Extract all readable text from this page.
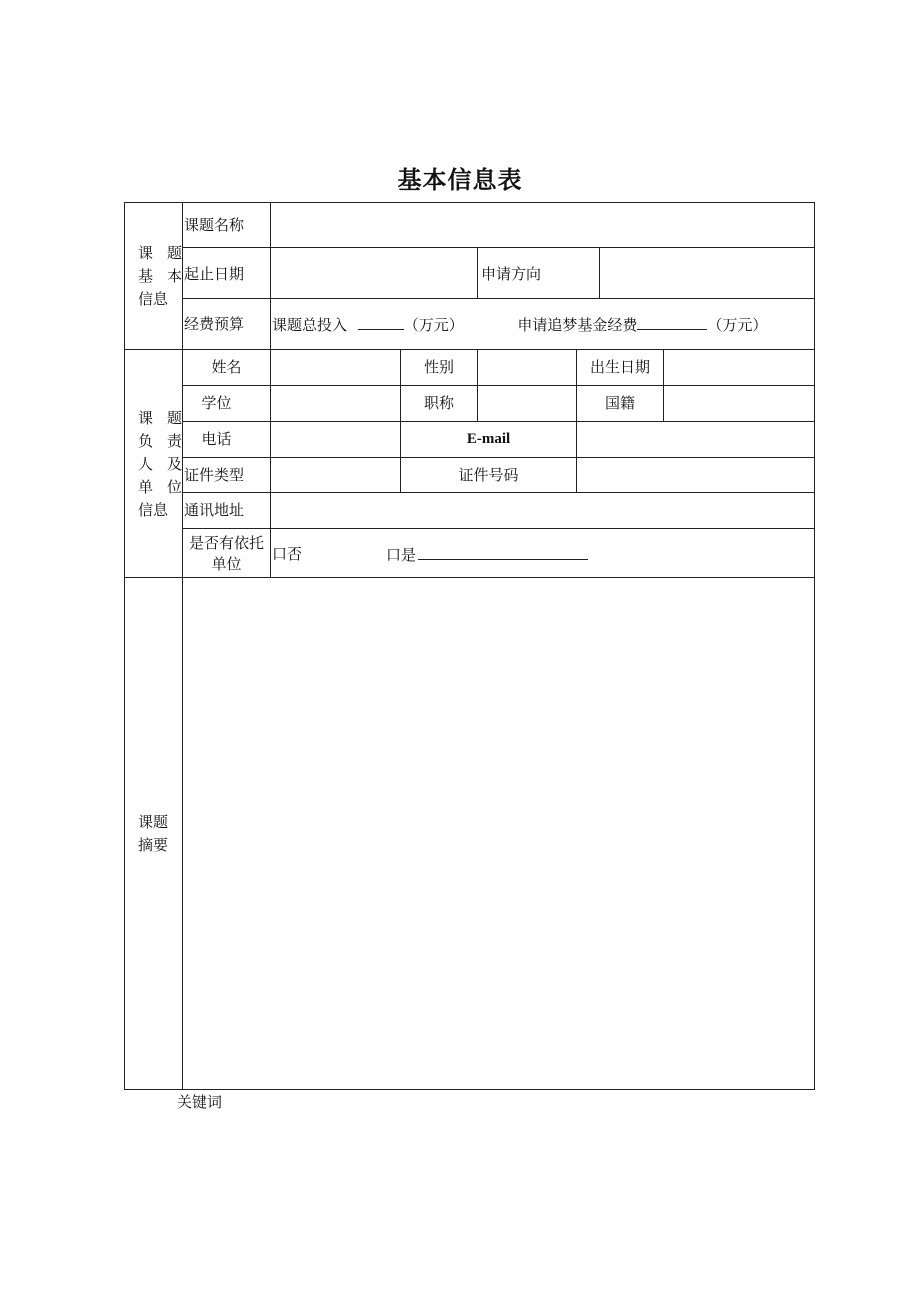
基本信息表
课 题
基 本
信息
课题名称
起止日期	申请方向
经费预算 课题总投入	（万元）	申请追梦基金经费	（万元）
课 题
负 责
人 及
单 位
信息
姓名	性别	出生日期
学位	职称	国籍
电话	E-mail
证件类型	证件号码
通讯地址
是否有依托
单位
口否	口是
课题
摘要
关键词
